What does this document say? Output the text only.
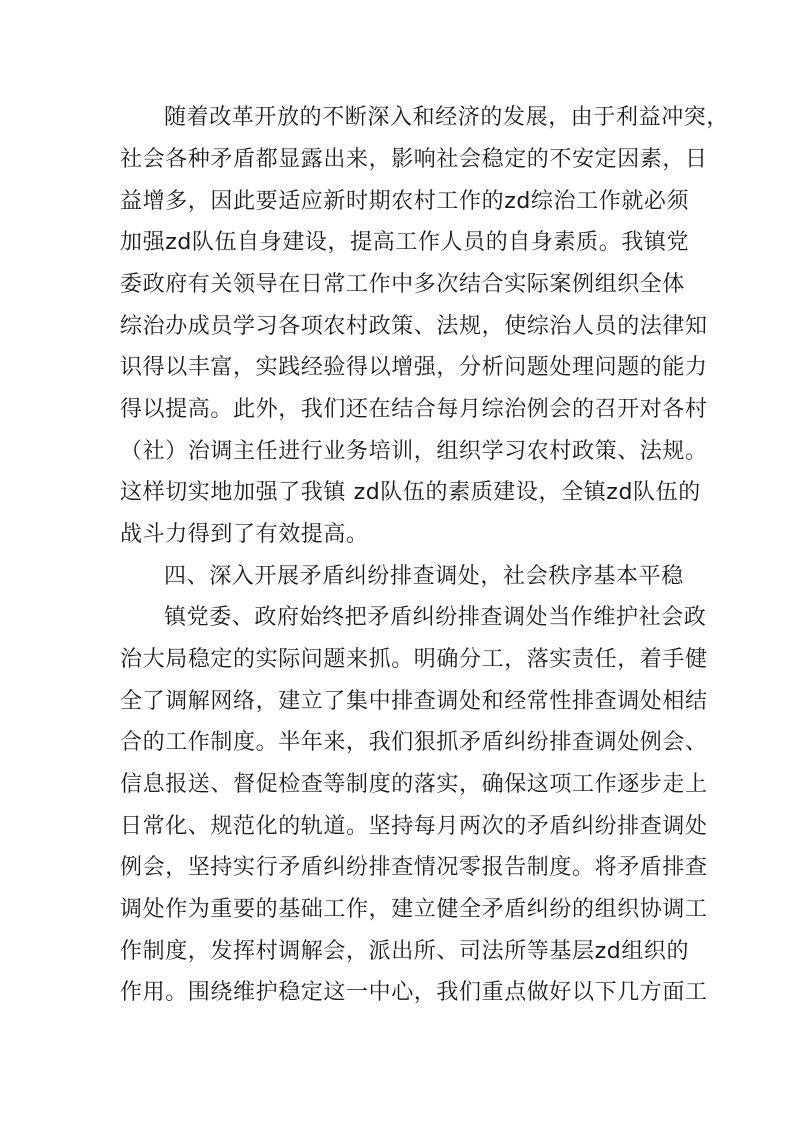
随着改革开放的不断深入和经济的发展，由于利益冲突，
社会各种矛盾都显露出来，影响社会稳定的不安定因素，日
益增多，因此要适应新时期农村工作的zd综治工作就必须
加强zd队伍自身建设，提高工作人员的自身素质。我镇党
委政府有关领导在日常工作中多次结合实际案例组织全体
综治办成员学习各项农村政策、法规，使综治人员的法律知
识得以丰富，实践经验得以增强，分析问题处理问题的能力
得以提高。此外，我们还在结合每月综治例会的召开对各村
（社）治调主任进行业务培训，组织学习农村政策、法规。
这样切实地加强了我镇 zd队伍的素质建设，全镇zd队伍的
战斗力得到了有效提高。
四、深入开展矛盾纠纷排查调处，社会秩序基本平稳
镇党委、政府始终把矛盾纠纷排查调处当作维护社会政
治大局稳定的实际问题来抓。明确分工，落实责任，着手健
全了调解网络，建立了集中排查调处和经常性排查调处相结
合的工作制度。半年来，我们狠抓矛盾纠纷排查调处例会、
信息报送、督促检查等制度的落实，确保这项工作逐步走上
日常化、规范化的轨道。坚持每月两次的矛盾纠纷排查调处
例会，坚持实行矛盾纠纷排查情况零报告制度。将矛盾排查
调处作为重要的基础工作，建立健全矛盾纠纷的组织协调工
作制度，发挥村调解会，派出所、司法所等基层zd组织的
作用。围绕维护稳定这一中心，我们重点做好以下几方面工
